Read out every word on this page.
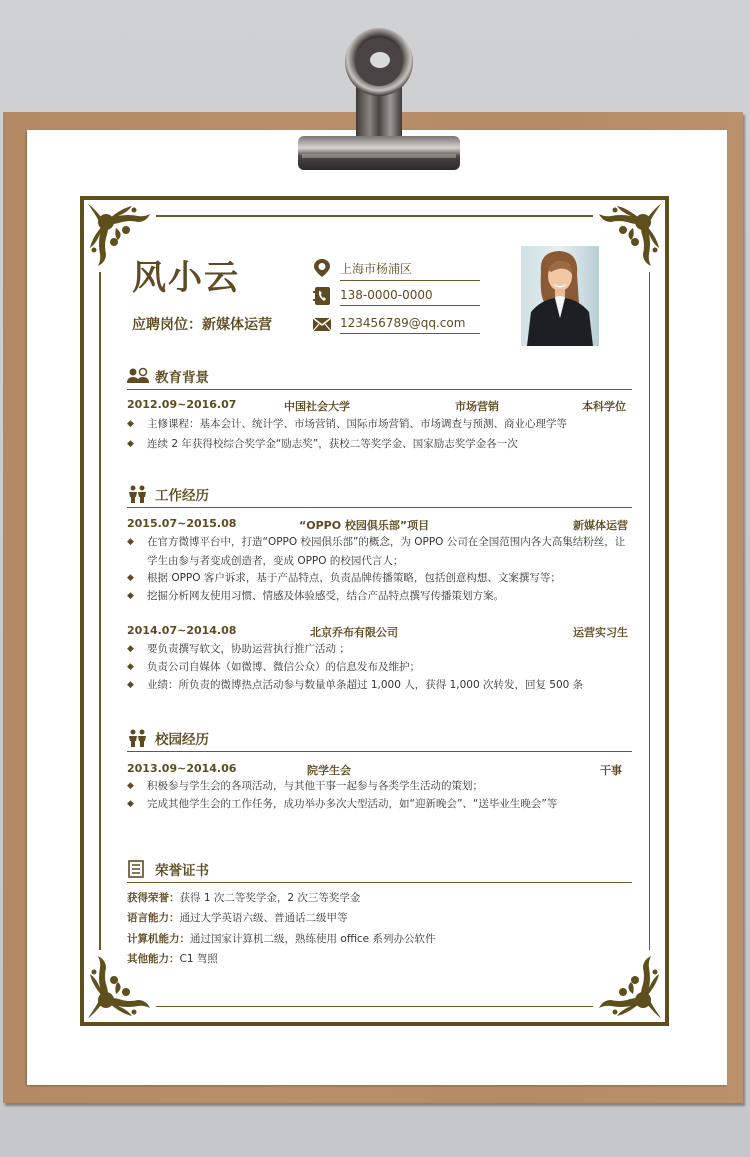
风小云
应聘岗位：新媒体运营
上海市杨浦区
138-0000-0000
123456789@qq.com
教育背景
2012.09~2016.07	中国社会大学	市场营销	本科学位
◆	主修课程：基本会计、统计学、市场营销、国际市场营销、市场调查与预测、商业心理学等
◆	连续 2 年获得校综合奖学金“励志奖”，获校二等奖学金、国家励志奖学金各一次
工作经历
2015.07~2015.08	“OPPO 校园俱乐部”项目	新媒体运营
◆	在官方微博平台中，打造“OPPO 校园俱乐部”的概念，为 OPPO 公司在全国范围内各大高集结粉丝，让学生由参与者变成创造者，变成 OPPO 的校园代言人；
◆	根据 OPPO 客户诉求，基于产品特点，负责品牌传播策略，包括创意构想、文案撰写等；
◆	挖掘分析网友使用习惯、情感及体验感受，结合产品特点撰写传播策划方案。
2014.07~2014.08	北京乔布有限公司	运营实习生
◆	要负责撰写软文，协助运营执行推广活动 ；
◆	负责公司自媒体（如微博、微信公众）的信息发布及维护；
◆	业绩：所负责的微博热点活动参与数量单条超过 1,000 人，获得 1,000 次转发，回复 500 条
校园经历
2013.09~2014.06	院学生会	干事
◆	积极参与学生会的各项活动，与其他干事一起参与各类学生活动的策划；
◆	完成其他学生会的工作任务，成功举办多次大型活动，如“迎新晚会”、“送毕业生晚会”等
荣誉证书
获得荣誉：获得 1 次二等奖学金，2 次三等奖学金
语言能力：通过大学英语六级、普通话二级甲等
计算机能力：通过国家计算机二级，熟练使用 office 系列办公软件
其他能力：C1 驾照
